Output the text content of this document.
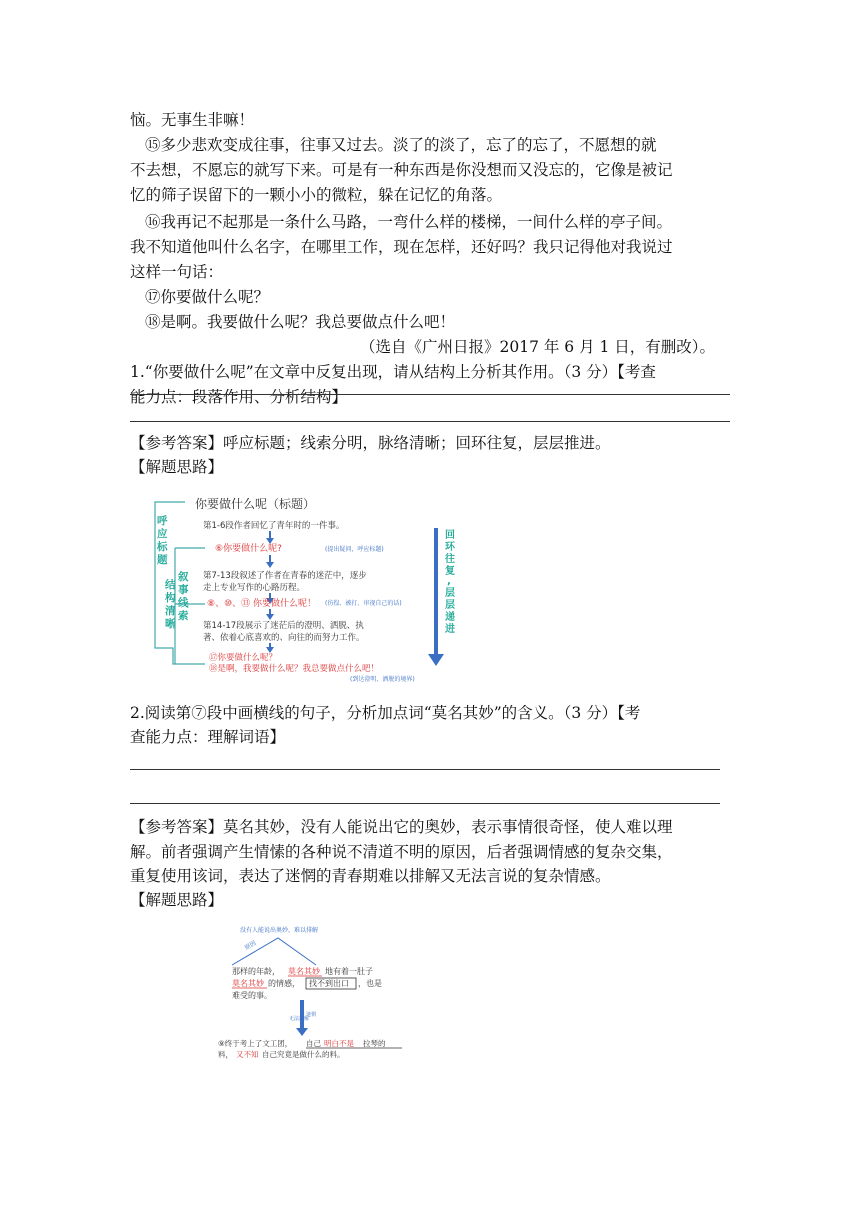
恼。无事生非嘛！
⑮多少悲欢变成往事，往事又过去。淡了的淡了，忘了的忘了，不愿想的就
不去想，不愿忘的就写下来。可是有一种东西是你没想而又没忘的，它像是被记
忆的筛子误留下的一颗小小的微粒，躲在记忆的角落。
⑯我再记不起那是一条什么马路，一弯什么样的楼梯，一间什么样的亭子间。
我不知道他叫什么名字，在哪里工作，现在怎样，还好吗？我只记得他对我说过
这样一句话：
⑰你要做什么呢？
⑱是啊。我要做什么呢？我总要做点什么吧！
（选自《广州日报》2017 年 6 月 1 日，有删改）。
1.“你要做什么呢”在文章中反复出现，请从结构上分析其作用。（3 分）【考查
能力点：段落作用、分析结构】
【参考答案】呼应标题；线索分明，脉络清晰；回环往复，层层推进。
【解题思路】
你要做什么呢（标题）
呼
应
标
题
结
构
清
晰
叙
事
线
索
第1-6段作者回忆了青年时的一件事。
⑥你要做什么呢?	(提出疑问，呼应标题)
第7-13段叙述了作者在青春的迷茫中，逐步
走上专业写作的心路历程。
⑧、⑩、⑬ 你要做什么呢！ (彷徨、被打、审视自己的话)
第14-17段展示了迷茫后的澄明、洒脱、执
著、依着心底喜欢的、向往的而努力工作。
⑰你要做什么呢？
⑱是啊，我要做什么呢？我总要做点什么吧！
(到达澄明、洒脱的境界)
回
环
往
复
,
层
层
递
进
2.阅读第⑦段中画横线的句子，分析加点词“莫名其妙”的含义。（3 分）【考
查能力点：理解词语】
【参考答案】莫名其妙，没有人能说出它的奥妙，表示事情很奇怪，使人难以理
解。前者强调产生情愫的各种说不清道不明的原因，后者强调情感的复杂交集，
重复使用该词，表达了迷惘的青春期难以排解又无法言说的复杂情感。
【解题思路】
没有人能说出奥妙，难以排解
原因
那样的年龄， 莫名其妙 地有着一肚子
莫名其妙 的情感， 找不到出口 ，也是
难受的事。
无法排解
迷惘
⑨终于考上了文工团， 自己 明白不是 拉琴的
料， 又不知 自己究竟是做什么的料。
